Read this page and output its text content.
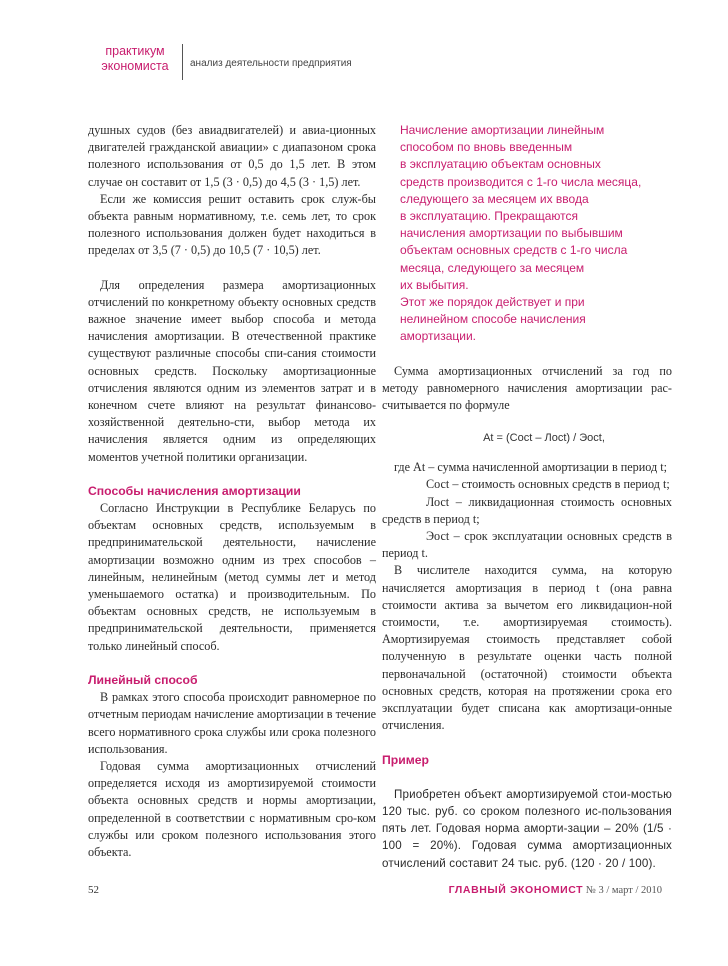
практикум
экономиста	анализ деятельности предприятия

душных судов (без авиадвигателей) и авиа-ционных двигателей гражданской авиации» с диапазоном срока полезного использования от 0,5 до 1,5 лет. В этом случае он составит от 1,5 (3 · 0,5) до 4,5 (3 · 1,5) лет.

Если же комиссия решит оставить срок служ-бы объекта равным нормативному, т.е. семь лет, то срок полезного использования должен будет находиться в пределах от 3,5 (7 · 0,5) до 10,5 (7 · 10,5) лет.

Для определения размера амортизационных отчислений по конкретному объекту основных средств важное значение имеет выбор способа и метода начисления амортизации. В отечественной практике существуют различные способы спи-сания стоимости основных средств. Поскольку амортизационные отчисления являются одним из элементов затрат и в конечном счете влияют на результат финансово-хозяйственной деятельно-сти, выбор метода их начисления является одним из определяющих моментов учетной политики организации.

Способы начисления амортизации

Согласно Инструкции в Республике Беларусь по объектам основных средств, используемым в предпринимательской деятельности, начисление амортизации возможно одним из трех способов – линейным, нелинейным (метод суммы лет и метод уменьшаемого остатка) и производительным. По объектам основных средств, не используемым в предпринимательской деятельности, применяется только линейный способ.

Линейный способ

В рамках этого способа происходит равномерное по отчетным периодам начисление амортизации в течение всего нормативного срока службы или срока полезного использования.

Годовая сумма амортизационных отчислений определяется исходя из амортизируемой стоимости объекта основных средств и нормы амортизации, определенной в соответствии с нормативным сро-ком службы или сроком полезного использования этого объекта.

Начисление амортизации линейным
способом по вновь введенным
в эксплуатацию объектам основных
средств производится с 1-го числа месяца,
следующего за месяцем их ввода
в эксплуатацию. Прекращаются
начисления амортизации по выбывшим
объектам основных средств с 1-го числа
месяца, следующего за месяцем
их выбытия.
Этот же порядок действует и при
нелинейном способе начисления
амортизации.

Сумма амортизационных отчислений за год по методу равномерного начисления амортизации рас-считывается по формуле

Аt = (Сосt – Лосt) / Эосt,

где Аt – сумма начисленной амортизации в период t;

Сосt – стоимость основных средств в период t;

Лосt – ликвидационная стоимость основных средств в период t;

Эосt – срок эксплуатации основных средств в период t.

В числителе находится сумма, на которую начисляется амортизация в период t (она равна стоимости актива за вычетом его ликвидацион-ной стоимости, т.е. амортизируемая стоимость). Амортизируемая стоимость представляет собой полученную в результате оценки часть полной первоначальной (остаточной) стоимости объекта основных средств, которая на протяжении срока его эксплуатации будет списана как амортизаци-онные отчисления.

Пример

Приобретен объект амортизируемой стои-мостью 120 тыс. руб. со сроком полезного ис-пользования пять лет. Годовая норма аморти-зации – 20% (1/5 · 100 = 20%). Годовая сумма амортизационных отчислений составит 24 тыс. руб. (120 · 20 / 100).

52	ГЛАВНЫЙ ЭКОНОМИСТ № 3 / март / 2010
